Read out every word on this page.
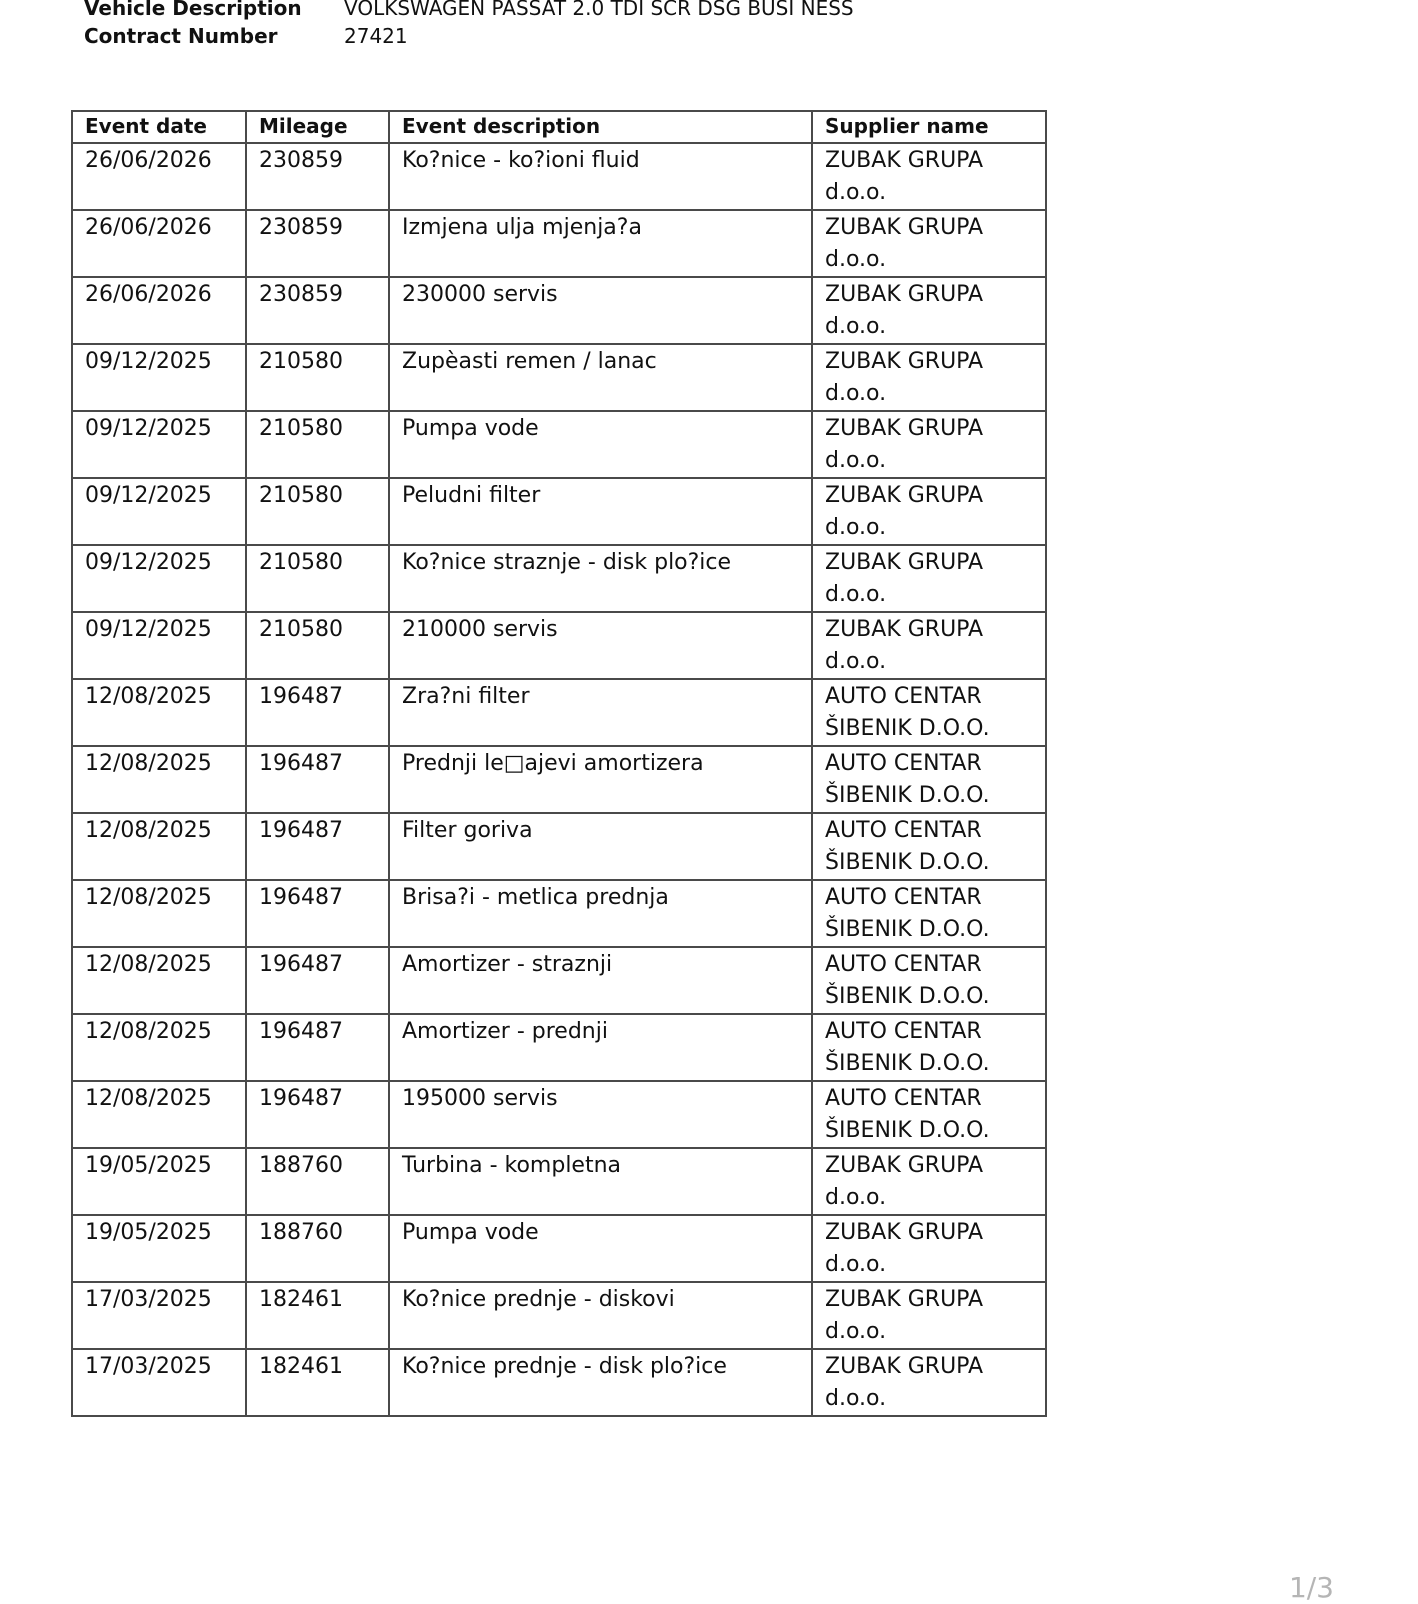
Vehicle Description	VOLKSWAGEN PASSAT 2.0 TDI SCR DSG BUSI NESS
Contract Number	27421
Event date	Mileage	Event description	Supplier name
26/06/2026	230859	Ko?nice - ko?ioni fluid	ZUBAK GRUPA d.o.o.
26/06/2026	230859	Izmjena ulja mjenja?a	ZUBAK GRUPA d.o.o.
26/06/2026	230859	230000 servis	ZUBAK GRUPA d.o.o.
09/12/2025	210580	Zupèasti remen / lanac	ZUBAK GRUPA d.o.o.
09/12/2025	210580	Pumpa vode	ZUBAK GRUPA d.o.o.
09/12/2025	210580	Peludni filter	ZUBAK GRUPA d.o.o.
09/12/2025	210580	Ko?nice straznje - disk plo?ice	ZUBAK GRUPA d.o.o.
09/12/2025	210580	210000 servis	ZUBAK GRUPA d.o.o.
12/08/2025	196487	Zra?ni filter	AUTO CENTAR ŠIBENIK D.O.O.
12/08/2025	196487	Prednji le□ajevi amortizera	AUTO CENTAR ŠIBENIK D.O.O.
12/08/2025	196487	Filter goriva	AUTO CENTAR ŠIBENIK D.O.O.
12/08/2025	196487	Brisa?i - metlica prednja	AUTO CENTAR ŠIBENIK D.O.O.
12/08/2025	196487	Amortizer - straznji	AUTO CENTAR ŠIBENIK D.O.O.
12/08/2025	196487	Amortizer - prednji	AUTO CENTAR ŠIBENIK D.O.O.
12/08/2025	196487	195000 servis	AUTO CENTAR ŠIBENIK D.O.O.
19/05/2025	188760	Turbina - kompletna	ZUBAK GRUPA d.o.o.
19/05/2025	188760	Pumpa vode	ZUBAK GRUPA d.o.o.
17/03/2025	182461	Ko?nice prednje - diskovi	ZUBAK GRUPA d.o.o.
17/03/2025	182461	Ko?nice prednje - disk plo?ice	ZUBAK GRUPA d.o.o.
1/3
